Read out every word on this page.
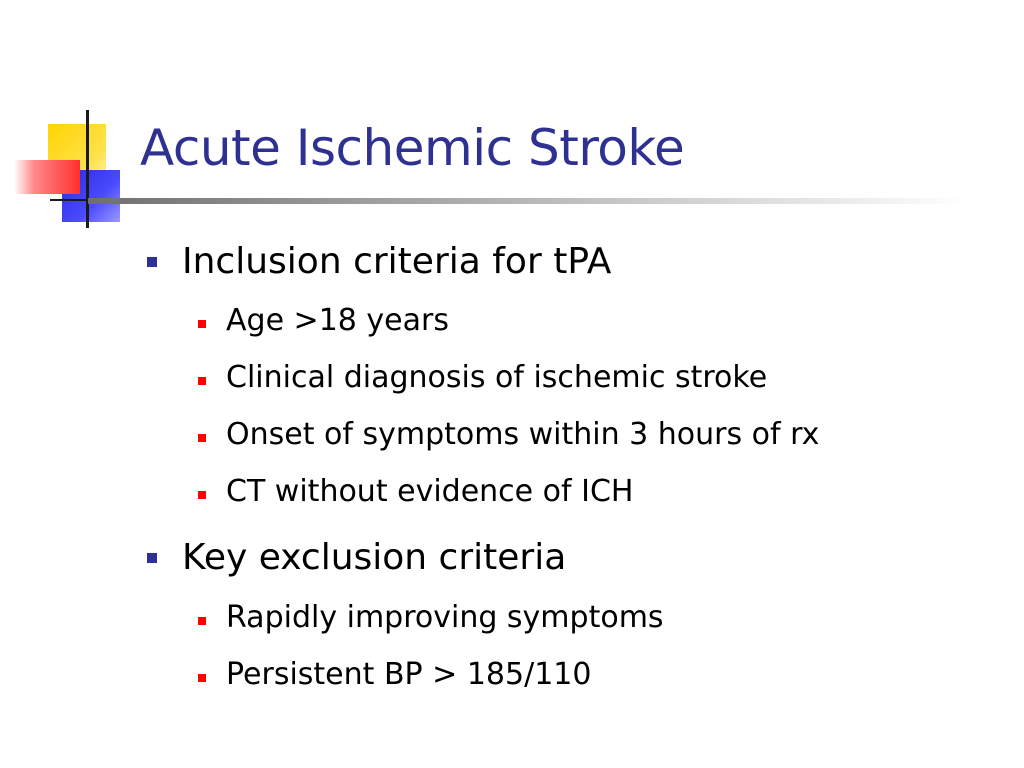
Acute Ischemic Stroke
Inclusion criteria for tPA
Age >18 years
Clinical diagnosis of ischemic stroke
Onset of symptoms within 3 hours of rx
CT without evidence of ICH
Key exclusion criteria
Rapidly improving symptoms
Persistent BP > 185/110
